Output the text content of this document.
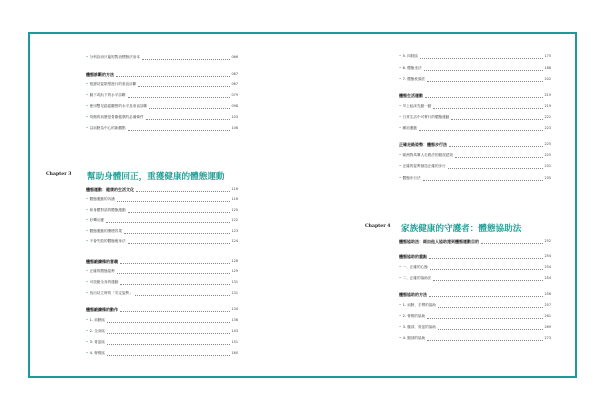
• 分科診治只能短暫治標無法治本	066
體態診斷的方法	067
• 根據站姿類型進行的垂直診斷	067
• 躺下或趴下的水平診斷	079
• 使用雙足踏姿觀察的水平及垂直診斷	098
• 均衡的肩膀是骨骼健康的必備條件	103
• 以肩膀為中心的新觀點	106
體態運動：健康的生活文化	116
• 體態運動的內涵	116
• 和身體對話的體態運動	120
• 好轉反應	122
• 體態運動的療癒效果	123
• 不會失敗的體態瘦身法	124
體態鍛鍊操的意義	128
• 正確的體態姿勢	129
• 可放鬆全身的運動	131
• 找出站立時的「安定姿勢」	131
體態鍛鍊操的動作	134
• 1. 肩膀區	136
• 2. 全身區	143
• 3. 骨盆區	151
• 4. 脊椎區	160
• 5. 四肢區	175
• 6. 體態坐法	186
• 7. 體態枕頭法	202
體態生活運動	219
• 早上起床先動一動	219
• 日常生活中可實行的體態運動	222
• 睡前運動	223
正確走路姿勢：體態步行法	225
• 歐洲對馬賽人走路法的錯誤認知	225
• 正確的姿勢創造正確的步行	231
• 體態步行法	235
體態協助法：經由他人協助達到體態運動目的	252
體態協助的重點	254
• 一、正確的心態	254
• 二、正確的協助法	254
體態協助的方法	256
• 1. 肩膀、手臂的協助	257
• 2. 脊椎的協助	261
• 3. 腰部、骨盆的協助	269
• 4. 腿部的協助	273
Chapter 3 幫助身體回正，重獲健康的體態運動
Chapter 4 家族健康的守護者：體態協助法
